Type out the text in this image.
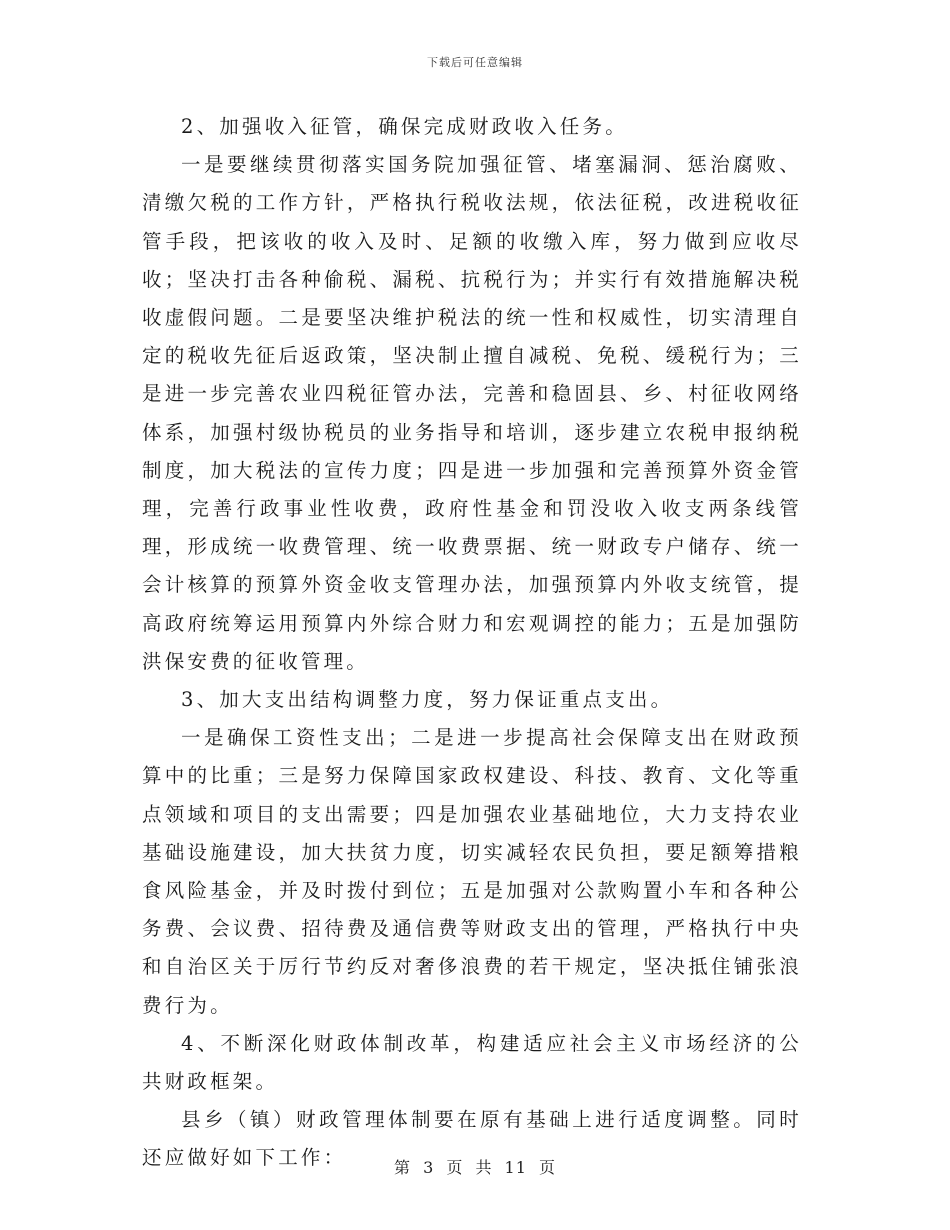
下载后可任意编辑

2、加强收入征管，确保完成财政收入任务。

一是要继续贯彻落实国务院加强征管、堵塞漏洞、惩治腐败、清缴欠税的工作方针，严格执行税收法规，依法征税，改进税收征管手段，把该收的收入及时、足额的收缴入库，努力做到应收尽收；坚决打击各种偷税、漏税、抗税行为；并实行有效措施解决税收虚假问题。二是要坚决维护税法的统一性和权威性，切实清理自定的税收先征后返政策，坚决制止擅自减税、免税、缓税行为；三是进一步完善农业四税征管办法，完善和稳固县、乡、村征收网络体系，加强村级协税员的业务指导和培训，逐步建立农税申报纳税制度，加大税法的宣传力度；四是进一步加强和完善预算外资金管理，完善行政事业性收费，政府性基金和罚没收入收支两条线管理，形成统一收费管理、统一收费票据、统一财政专户储存、统一会计核算的预算外资金收支管理办法，加强预算内外收支统管，提高政府统筹运用预算内外综合财力和宏观调控的能力；五是加强防洪保安费的征收管理。

3、加大支出结构调整力度，努力保证重点支出。

一是确保工资性支出；二是进一步提高社会保障支出在财政预算中的比重；三是努力保障国家政权建设、科技、教育、文化等重点领域和项目的支出需要；四是加强农业基础地位，大力支持农业基础设施建设，加大扶贫力度，切实减轻农民负担，要足额筹措粮食风险基金，并及时拨付到位；五是加强对公款购置小车和各种公务费、会议费、招待费及通信费等财政支出的管理，严格执行中央和自治区关于厉行节约反对奢侈浪费的若干规定，坚决抵住铺张浪费行为。

4、不断深化财政体制改革，构建适应社会主义市场经济的公共财政框架。

县乡（镇）财政管理体制要在原有基础上进行适度调整。同时还应做好如下工作：	第 3 页 共 11 页
